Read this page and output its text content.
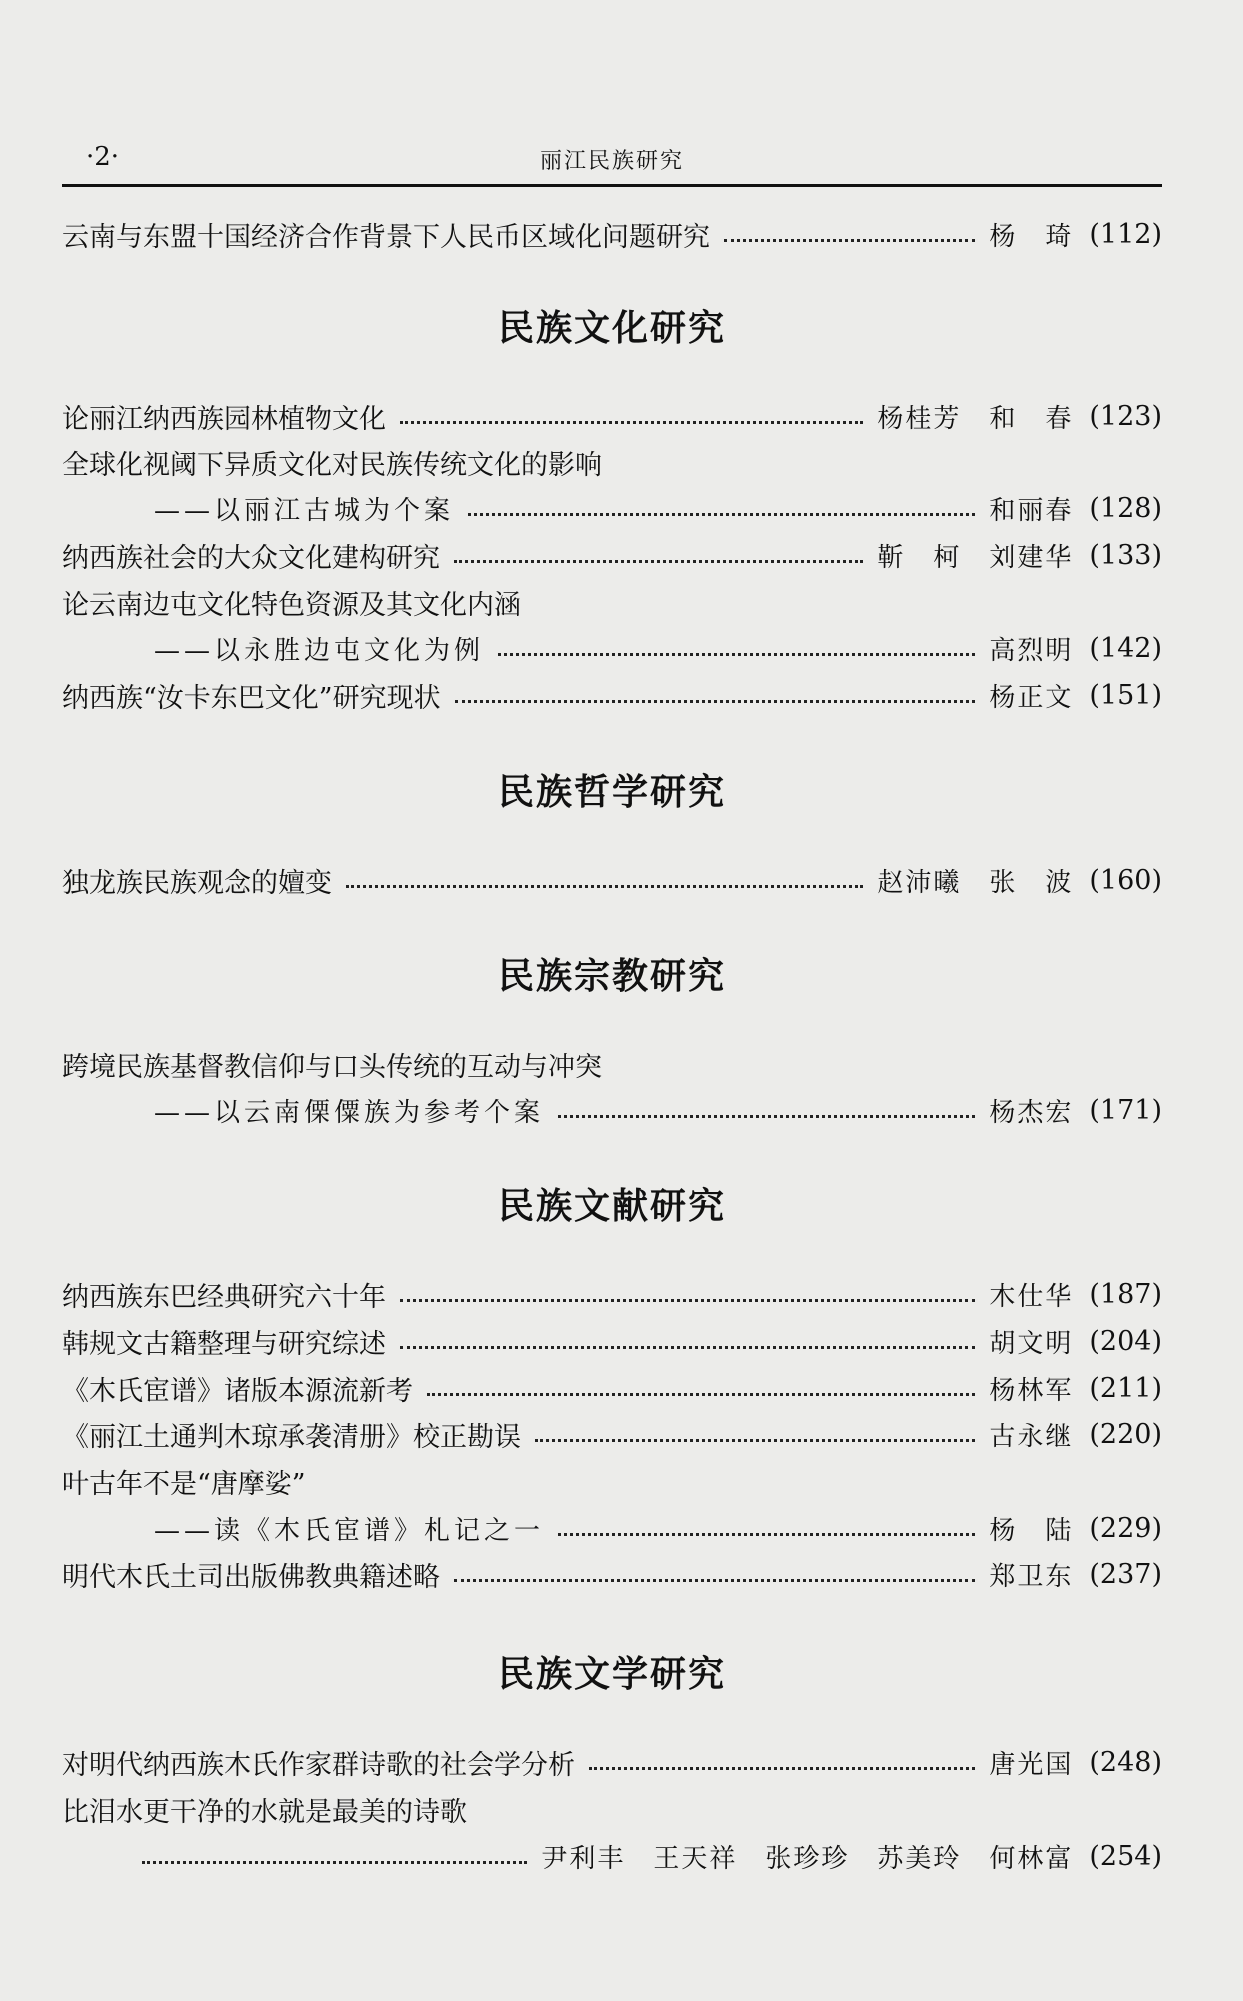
·2·	丽江民族研究
云南与东盟十国经济合作背景下人民币区域化问题研究	杨　琦 (112)
民族文化研究
论丽江纳西族园林植物文化	杨桂芳　和　春 (123)
全球化视阈下异质文化对民族传统文化的影响
——以丽江古城为个案	和丽春 (128)
纳西族社会的大众文化建构研究	靳　柯　刘建华 (133)
论云南边屯文化特色资源及其文化内涵
——以永胜边屯文化为例	高烈明 (142)
纳西族“汝卡东巴文化”研究现状	杨正文 (151)
民族哲学研究
独龙族民族观念的嬗变	赵沛曦　张　波 (160)
民族宗教研究
跨境民族基督教信仰与口头传统的互动与冲突
——以云南傈僳族为参考个案	杨杰宏 (171)
民族文献研究
纳西族东巴经典研究六十年	木仕华 (187)
韩规文古籍整理与研究综述	胡文明 (204)
《木氏宦谱》诸版本源流新考	杨林军 (211)
《丽江土通判木琼承袭清册》校正勘误	古永继 (220)
叶古年不是“唐摩娑”
——读《木氏宦谱》札记之一	杨　陆 (229)
明代木氏土司出版佛教典籍述略	郑卫东 (237)
民族文学研究
对明代纳西族木氏作家群诗歌的社会学分析	唐光国 (248)
比泪水更干净的水就是最美的诗歌
尹利丰　王天祥　张珍珍　苏美玲　何林富 (254)
